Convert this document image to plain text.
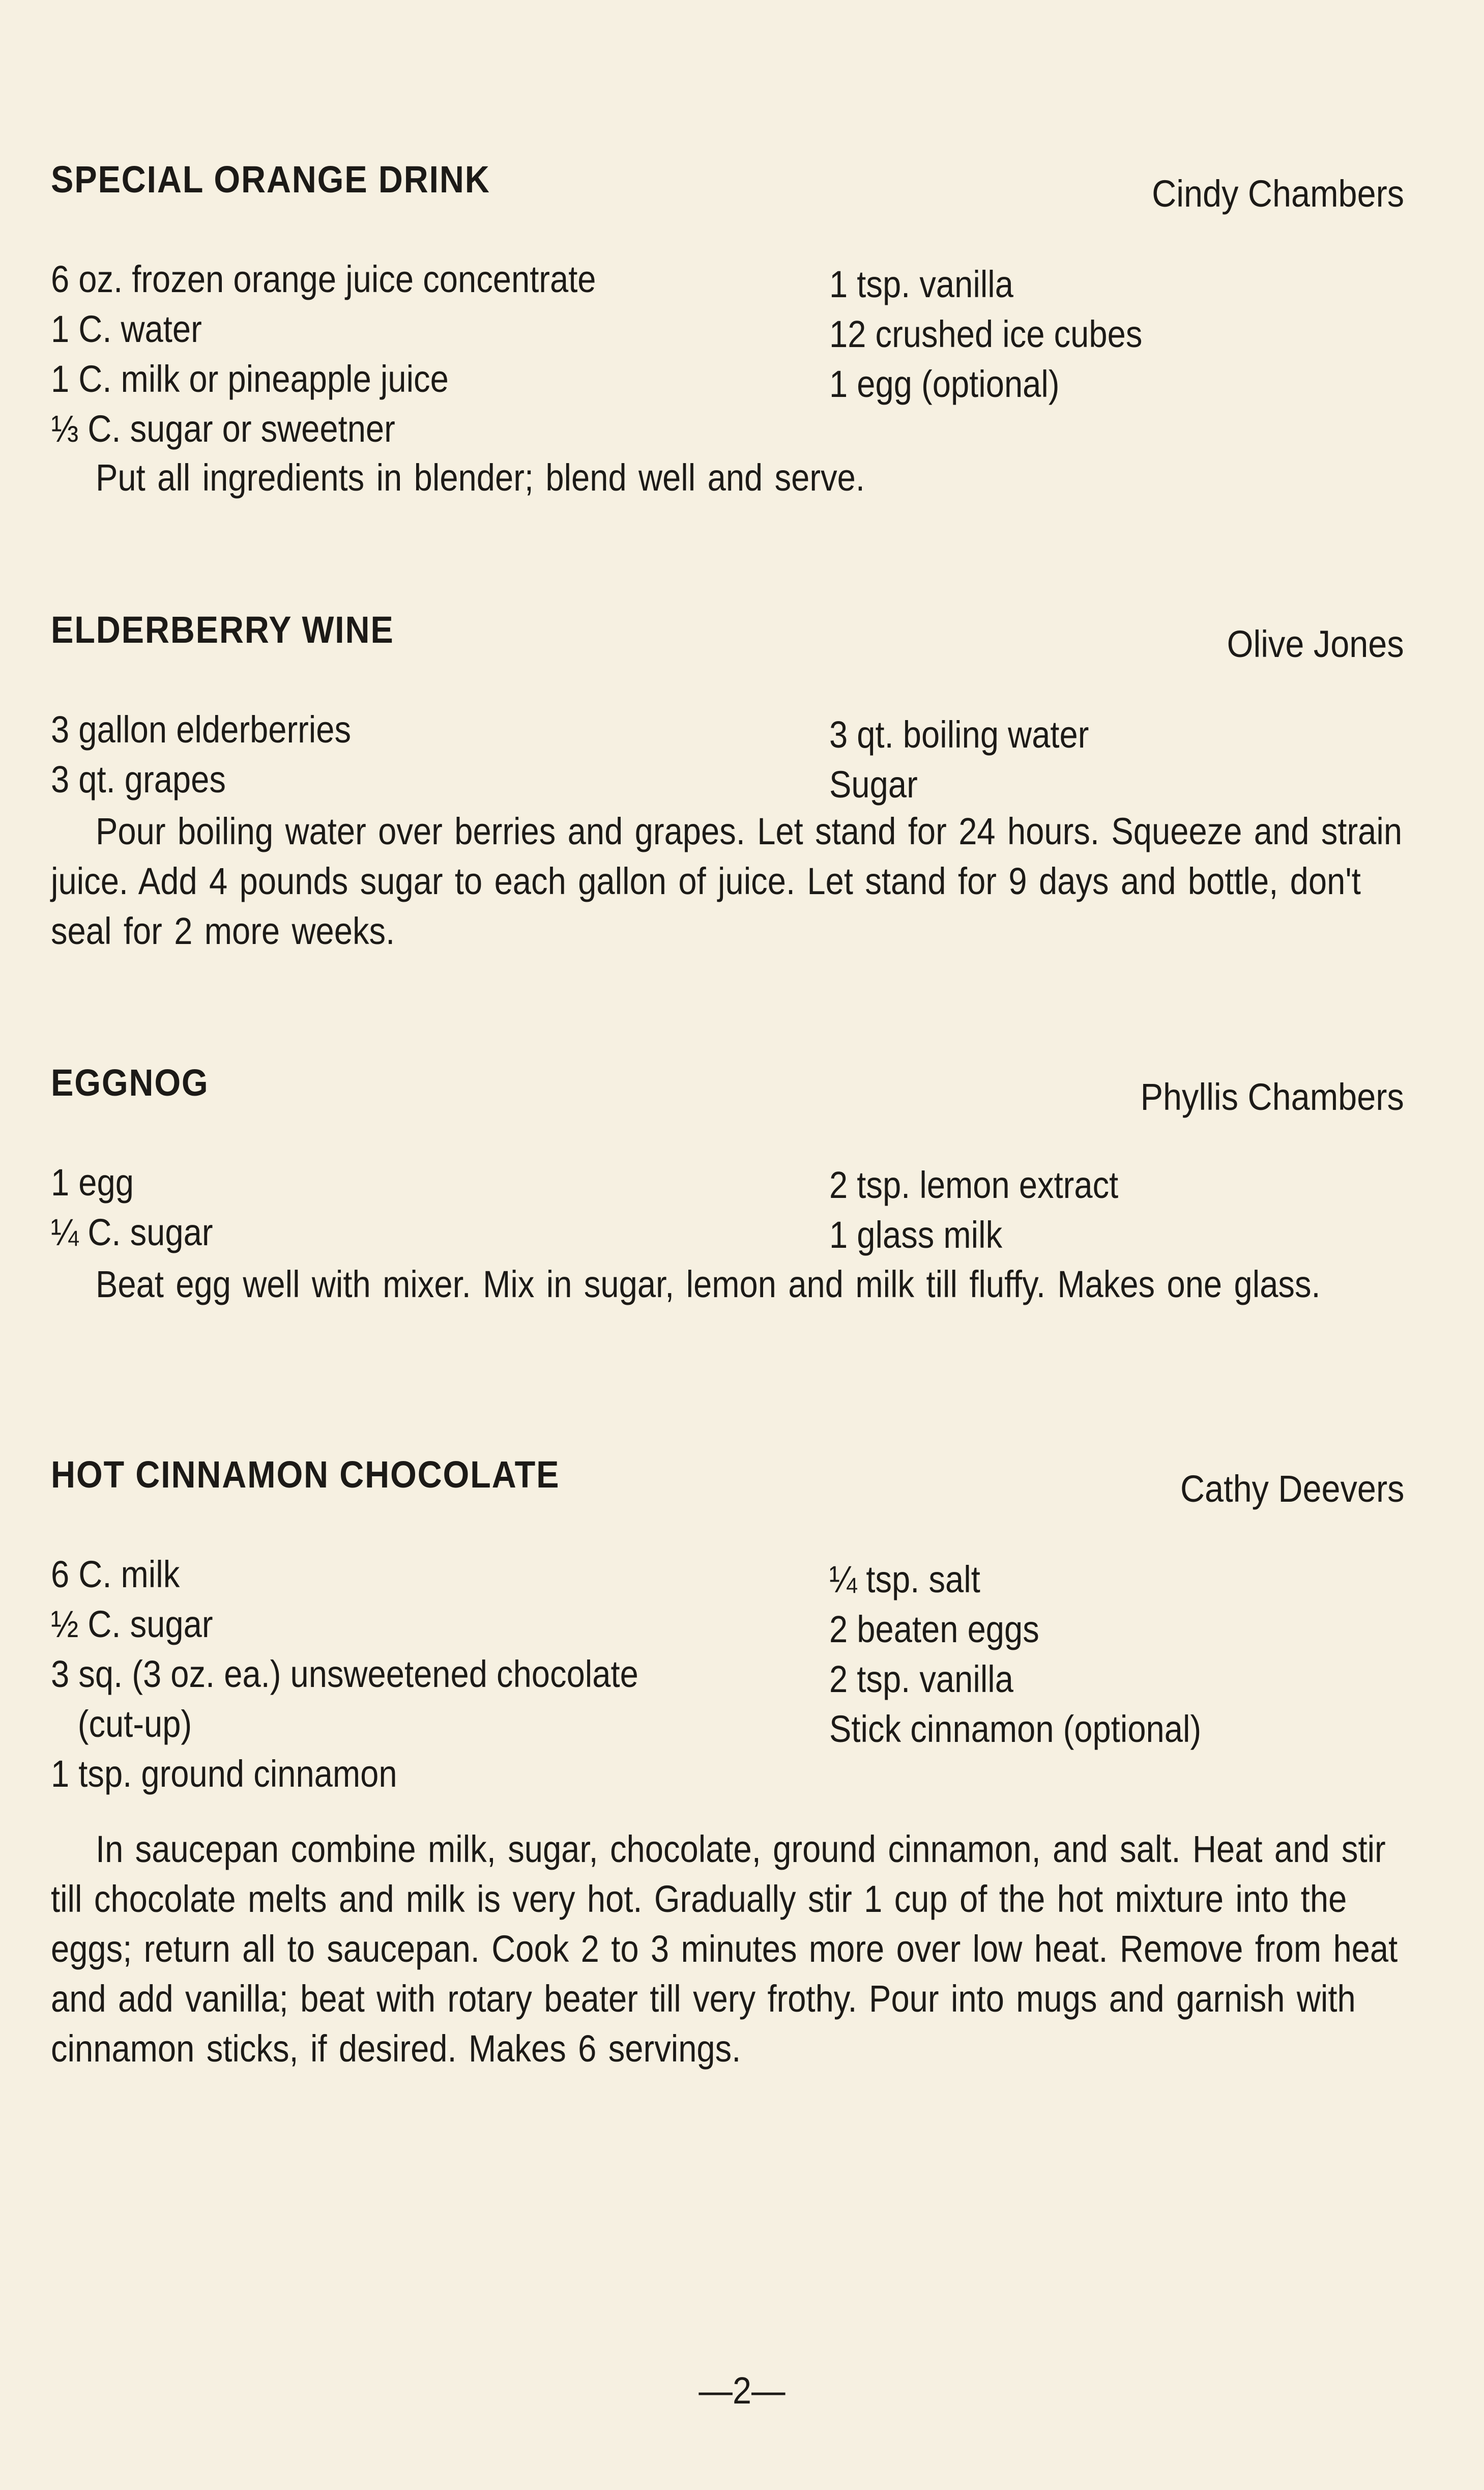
SPECIAL ORANGE DRINK	Cindy Chambers
6 oz. frozen orange juice concentrate
1 C. water
1 C. milk or pineapple juice
⅓ C. sugar or sweetner
1 tsp. vanilla
12 crushed ice cubes
1 egg (optional)
Put all ingredients in blender; blend well and serve.
ELDERBERRY WINE	Olive Jones
3 gallon elderberries
3 qt. grapes
3 qt. boiling water
Sugar
Pour boiling water over berries and grapes. Let stand for 24 hours. Squeeze and strain juice. Add 4 pounds sugar to each gallon of juice. Let stand for 9 days and bottle, don't seal for 2 more weeks.
EGGNOG	Phyllis Chambers
1 egg
¼ C. sugar
2 tsp. lemon extract
1 glass milk
Beat egg well with mixer. Mix in sugar, lemon and milk till fluffy. Makes one glass.
HOT CINNAMON CHOCOLATE	Cathy Deevers
6 C. milk
½ C. sugar
3 sq. (3 oz. ea.) unsweetened chocolate
(cut-up)
1 tsp. ground cinnamon
¼ tsp. salt
2 beaten eggs
2 tsp. vanilla
Stick cinnamon (optional)
In saucepan combine milk, sugar, chocolate, ground cinnamon, and salt. Heat and stir till chocolate melts and milk is very hot. Gradually stir 1 cup of the hot mixture into the eggs; return all to saucepan. Cook 2 to 3 minutes more over low heat. Remove from heat and add vanilla; beat with rotary beater till very frothy. Pour into mugs and garnish with cinnamon sticks, if desired. Makes 6 servings.
—2—
